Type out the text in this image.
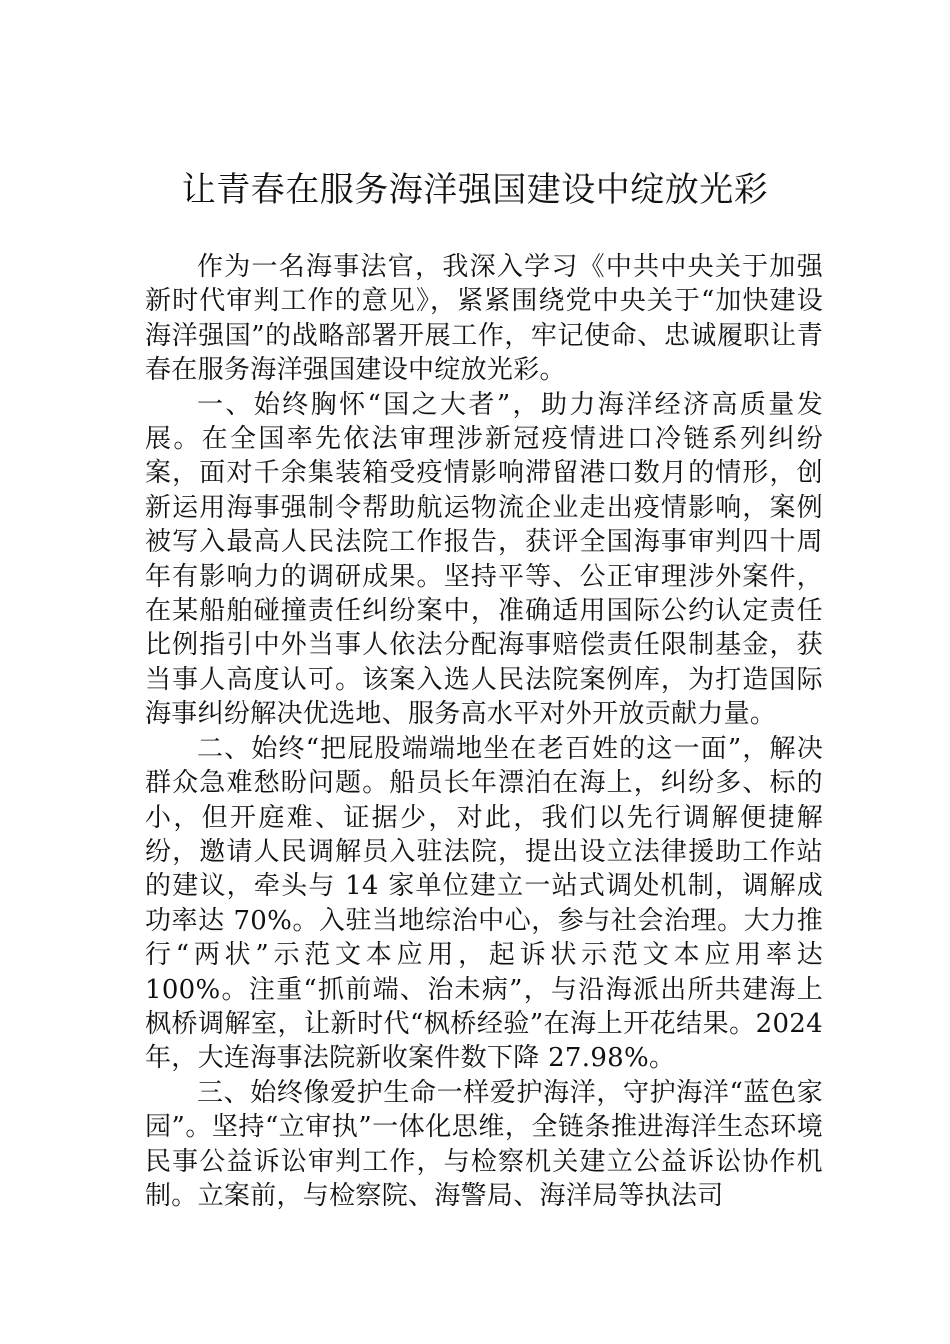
让青春在服务海洋强国建设中绽放光彩

作为一名海事法官，我深入学习《中共中央关于加强新时代审判工作的意见》，紧紧围绕党中央关于“加快建设海洋强国”的战略部署开展工作，牢记使命、忠诚履职让青春在服务海洋强国建设中绽放光彩。

一、始终胸怀“国之大者”，助力海洋经济高质量发展。在全国率先依法审理涉新冠疫情进口冷链系列纠纷案，面对千余集装箱受疫情影响滞留港口数月的情形，创新运用海事强制令帮助航运物流企业走出疫情影响，案例被写入最高人民法院工作报告，获评全国海事审判四十周年有影响力的调研成果。坚持平等、公正审理涉外案件，在某船舶碰撞责任纠纷案中，准确适用国际公约认定责任比例指引中外当事人依法分配海事赔偿责任限制基金，获当事人高度认可。该案入选人民法院案例库，为打造国际海事纠纷解决优选地、服务高水平对外开放贡献力量。

二、始终“把屁股端端地坐在老百姓的这一面”，解决群众急难愁盼问题。船员长年漂泊在海上，纠纷多、标的小，但开庭难、证据少，对此，我们以先行调解便捷解纷，邀请人民调解员入驻法院，提出设立法律援助工作站的建议，牵头与 14 家单位建立一站式调处机制，调解成功率达 70%。入驻当地综治中心，参与社会治理。大力推行“两状”示范文本应用，起诉状示范文本应用率达 100%。注重“抓前端、治未病”，与沿海派出所共建海上枫桥调解室，让新时代“枫桥经验”在海上开花结果。2024 年，大连海事法院新收案件数下降 27.98%。

三、始终像爱护生命一样爱护海洋，守护海洋“蓝色家园”。坚持“立审执”一体化思维，全链条推进海洋生态环境民事公益诉讼审判工作，与检察机关建立公益诉讼协作机制。立案前，与检察院、海警局、海洋局等执法司
